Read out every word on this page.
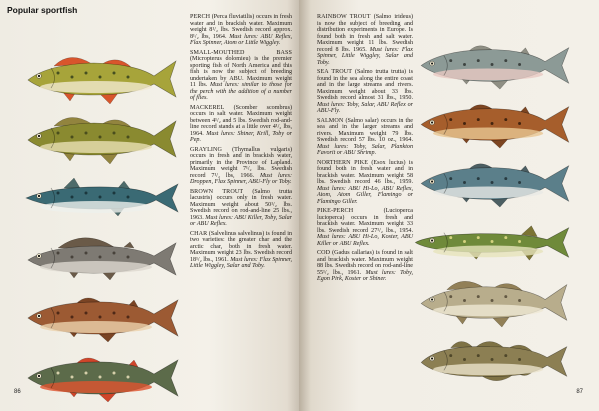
Popular sportfish
PERCH (Perca fluviatilis) occurs in fresh water and in brackish water. Maximum weight 8¹/₂ lbs. Swedish record approx. 8¹/₂ lbs, 1964. Must lures: ABU Reflex, Flax Spinner, Atom or Little Wiggley.
SMALL-MOUTHED BASS (Micropterus dolomieu) is the premier sporting fish of North America and this fish is now the subject of breeding undertaken by ABU. Maximum weight 11 lbs. Must lures: similar to those for the perch with the addition of a number of flies.
MACKEREL (Scomber scombrus) occurs in salt water. Maximum weight between 4¹/₂ and 5 lbs. Swedish rod-and-line record stands at a little over 4¹/₂ lbs, 1964. Must lures: Shiner, Krill, Toby or Pep.
GRAYLING (Thymallus vulgaris) occurs in fresh and in brackish water, primarily in the Province of Lapland. Maximum weight 7¹/₂ lbs. Swedish record 7¹/₂ lbs, 1966. Must lures: Droppen, Flax Spinner, ABU-Fly or Toby.
BROWN TROUT (Salmo trutta lacustris) occurs only in fresh water. Maximum weight about 50¹/₂ lbs. Swedish record on rod-and-line 25 lbs., 1963. Must lures: ABU Killer, Toby, Salar or ABU Reflex.
CHAR (Salvelinus salvelinus) is found in two varieties: the greater char and the arctic char, both in fresh water. Maximum weight 23 lbs. Swedish record 18¹/₂ lbs., 1961. Must lures: Flax Spinner, Little Wiggley, Salar and Toby.
86
RAINBOW TROUT (Salmo irideus) is now the subject of breeding and distribution experiments in Europe. Is found both in fresh and salt water. Maximum weight 11 lbs. Swedish record 8 lbs. 1965. Must lures: Flax Spinner, Little Wiggley, Salar and Toby.
SEA TROUT (Salmo trutta trutta) is found in the sea along the entire coast and in the large streams and rivers. Maximum weight about 33 lbs. Swedish record almost 31 lbs., 1950. Must lures: Toby, Salar, ABU Reflex or ABU-Fly.
SALMON (Salmo salar) occurs in the sea and in the larger streams and rivers. Maximum weight 79 lbs. Swedish record 57 lbs. 10 oz., 1964. Must lures: Toby, Salar, Plankton Favorit or ABU Shrimp.
NORTHERN PIKE (Esox lucius) is found both in fresh water and in brackish water. Maximum weight 58 lbs. Swedish record 46 lbs., 1959. Must lures: ABU Hi-Lo, ABU Reflex, Atom, Atom Giller, Flamingo or Flamingo Giller.
PIKE-PERCH	(Lucioperca lucioperca) occurs in fresh and brackish water. Maximum weight 33 lbs. Swedish record 27¹/₂ lbs., 1954. Must lures: ABU Hi-Lo, Koster, ABU Killer or ABU Reflex.
COD (Gadus callarias) is found in salt and brackish water. Maximum weight 88 lbs. Swedish record on rod-and-line 55¹/₂ lbs., 1961. Must lures: Toby, Egon Pirk, Koster or Shiner.
87
